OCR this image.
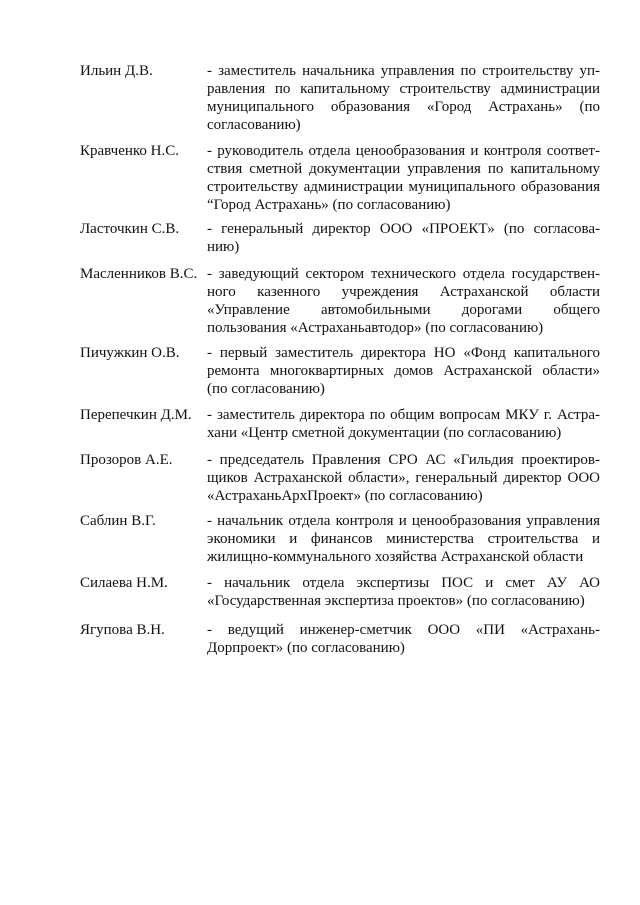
Ильин Д.В.	- заместитель начальника управления по строительству уп-
равления по капитальному строительству администрации
муниципального образования «Город Астрахань» (по
согласованию)
Кравченко Н.С.	- руководитель отдела ценообразования и контроля соответ-
ствия сметной документации управления по капитальному
строительству администрации муниципального образования
“Город Астрахань» (по согласованию)
Ласточкин С.В.	- генеральный директор ООО «ПРОЕКТ» (по согласова-
нию)
Масленников В.С. - заведующий сектором технического отдела государствен-
ного казенного учреждения Астраханской области
«Управление автомобильными дорогами общего
пользования «Астраханьавтодор» (по согласованию)
Пичужкин О.В.	- первый заместитель директора НО «Фонд капитального
ремонта многоквартирных домов Астраханской области»
(по согласованию)
Перепечкин Д.М.	- заместитель директора по общим вопросам МКУ г. Астра-
хани «Центр сметной документации (по согласованию)
Прозоров А.Е.	- председатель Правления СРО АС «Гильдия проектиров-
щиков Астраханской области», генеральный директор ООО
«АстраханьАрхПроект» (по согласованию)
Саблин В.Г.	- начальник отдела контроля и ценообразования управления
экономики и финансов министерства строительства и
жилищно-коммунального хозяйства Астраханской области
Силаева Н.М.	- начальник отдела экспертизы ПОС и смет АУ АО
«Государственная экспертиза проектов» (по согласованию)
Ягупова В.Н.	- ведущий инженер-сметчик ООО «ПИ «Астрахань-
Дорпроект» (по согласованию)
